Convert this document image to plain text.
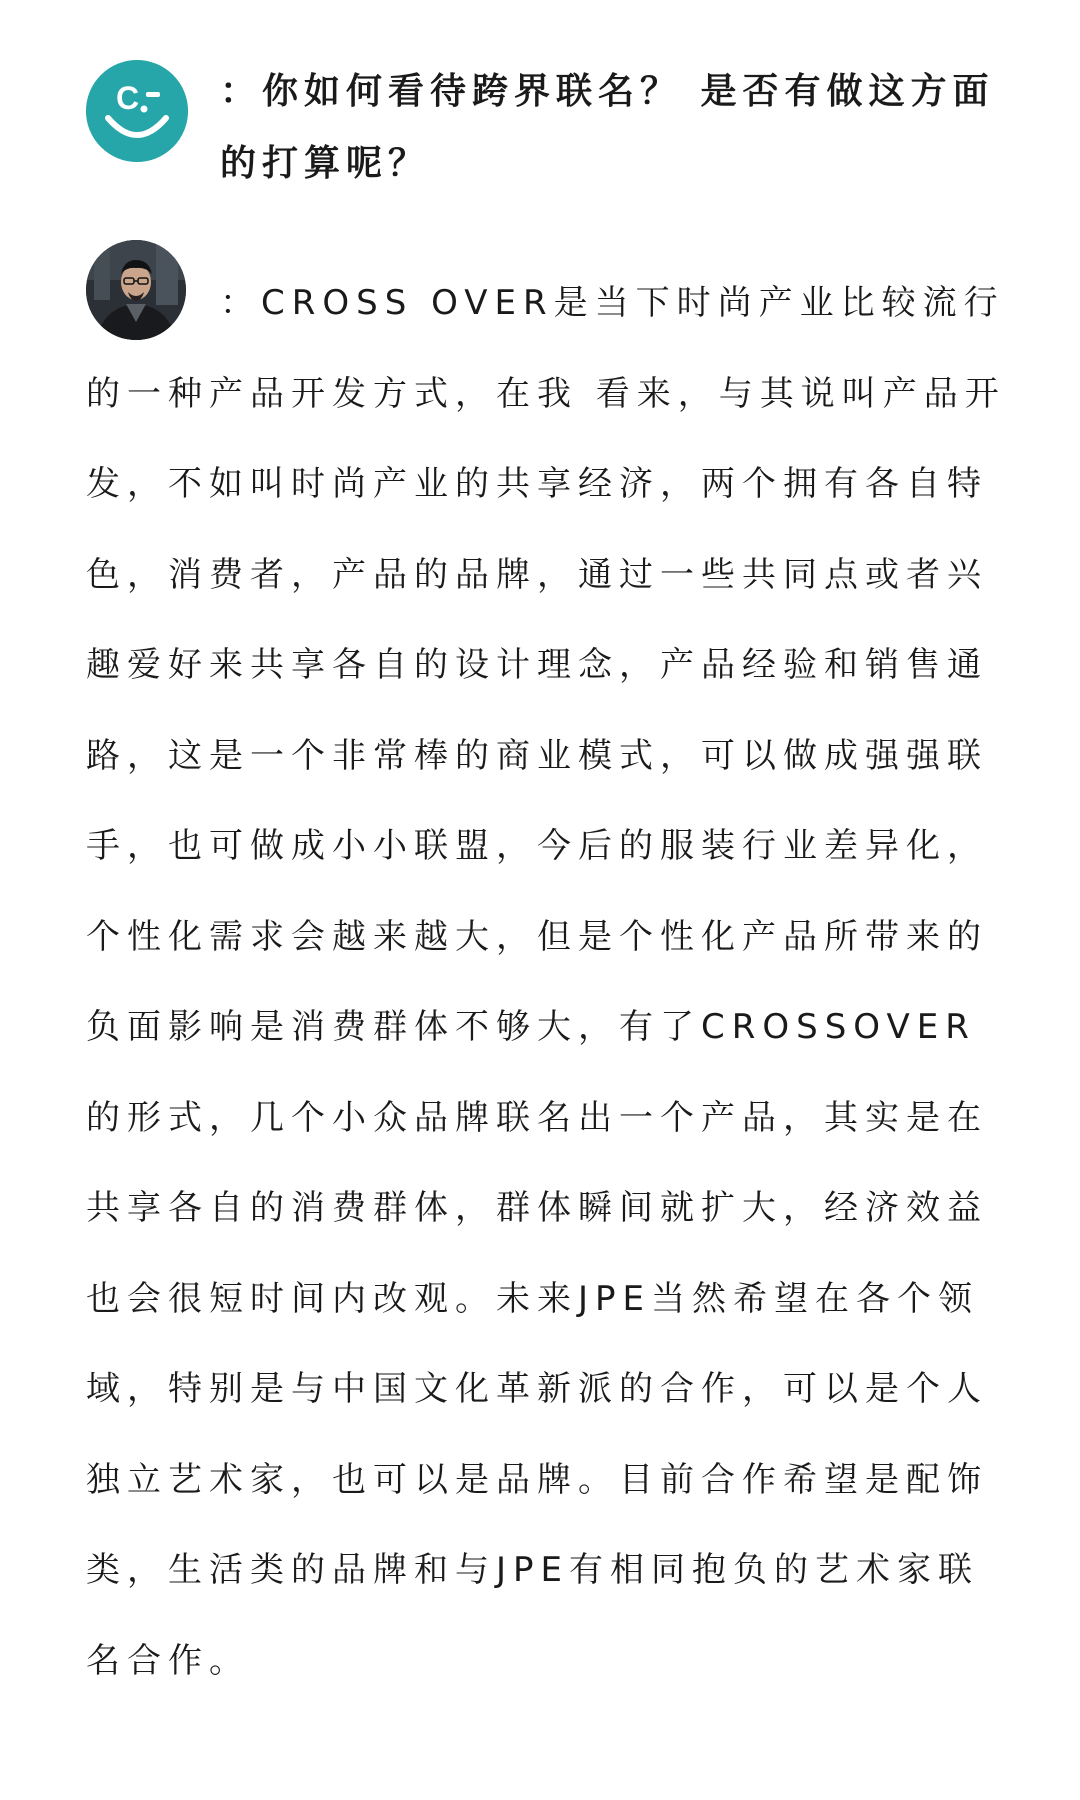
C ：你如何看待跨界联名？ 是否有做这方面的打算呢？

：CROSS OVER是当下时尚产业比较流行的一种产品开发方式，在我 看来，与其说叫产品开发，不如叫时尚产业的共享经济，两个拥有各自特色，消费者，产品的品牌，通过一些共同点或者兴趣爱好来共享各自的设计理念，产品经验和销售通路，这是一个非常棒的商业模式，可以做成强强联手，也可做成小小联盟，今后的服装行业差异化，个性化需求会越来越大，但是个性化产品所带来的负面影响是消费群体不够大，有了CROSSOVER的形式，几个小众品牌联名出一个产品，其实是在共享各自的消费群体，群体瞬间就扩大，经济效益也会很短时间内改观。未来JPE当然希望在各个领域，特别是与中国文化革新派的合作，可以是个人独立艺术家，也可以是品牌。目前合作希望是配饰类，生活类的品牌和与JPE有相同抱负的艺术家联名合作。
